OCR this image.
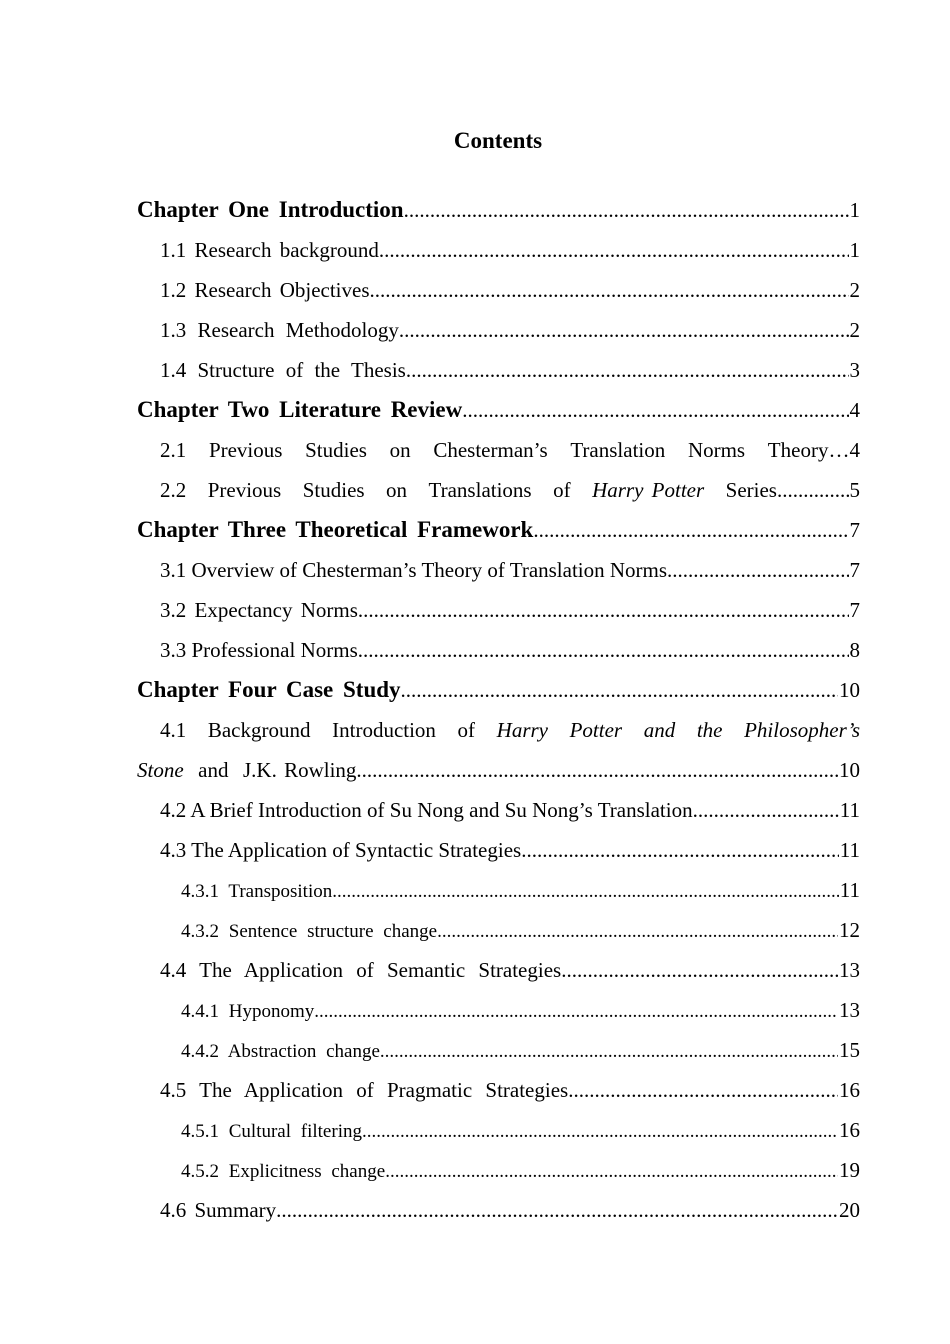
Contents
Chapter One Introduction .....	1
1.1 Research background .....	1
1.2 Research Objectives .....	2
1.3 Research Methodology .....	2
1.4 Structure of the Thesis .....	3
Chapter Two Literature Review .....	4
2.1 Previous Studies on Chesterman’s Translation Norms Theory… 4
2.2 Previous Studies on Translations of Harry Potter Series .....	5
Chapter Three Theoretical Framework .....	7
3.1 Overview of Chesterman’s Theory of Translation Norms .....	7
3.2 Expectancy Norms .....	7
3.3 Professional Norms .....	8
Chapter Four Case Study .....	10
4.1 Background Introduction of Harry Potter and the Philosopher’s
Stone  and  J.K. Rowling .....	10
4.2 A Brief Introduction of Su Nong and Su Nong’s Translation .....	11
4.3 The Application of Syntactic Strategies .....	11
4.3.1 Transposition .....	11
4.3.2 Sentence structure change .....	12
4.4 The Application of Semantic Strategies .....	13
4.4.1 Hyponomy .....	13
4.4.2 Abstraction change .....	15
4.5 The Application of Pragmatic Strategies .....	16
4.5.1 Cultural filtering .....	16
4.5.2 Explicitness change .....	19
4.6 Summary .....	20
